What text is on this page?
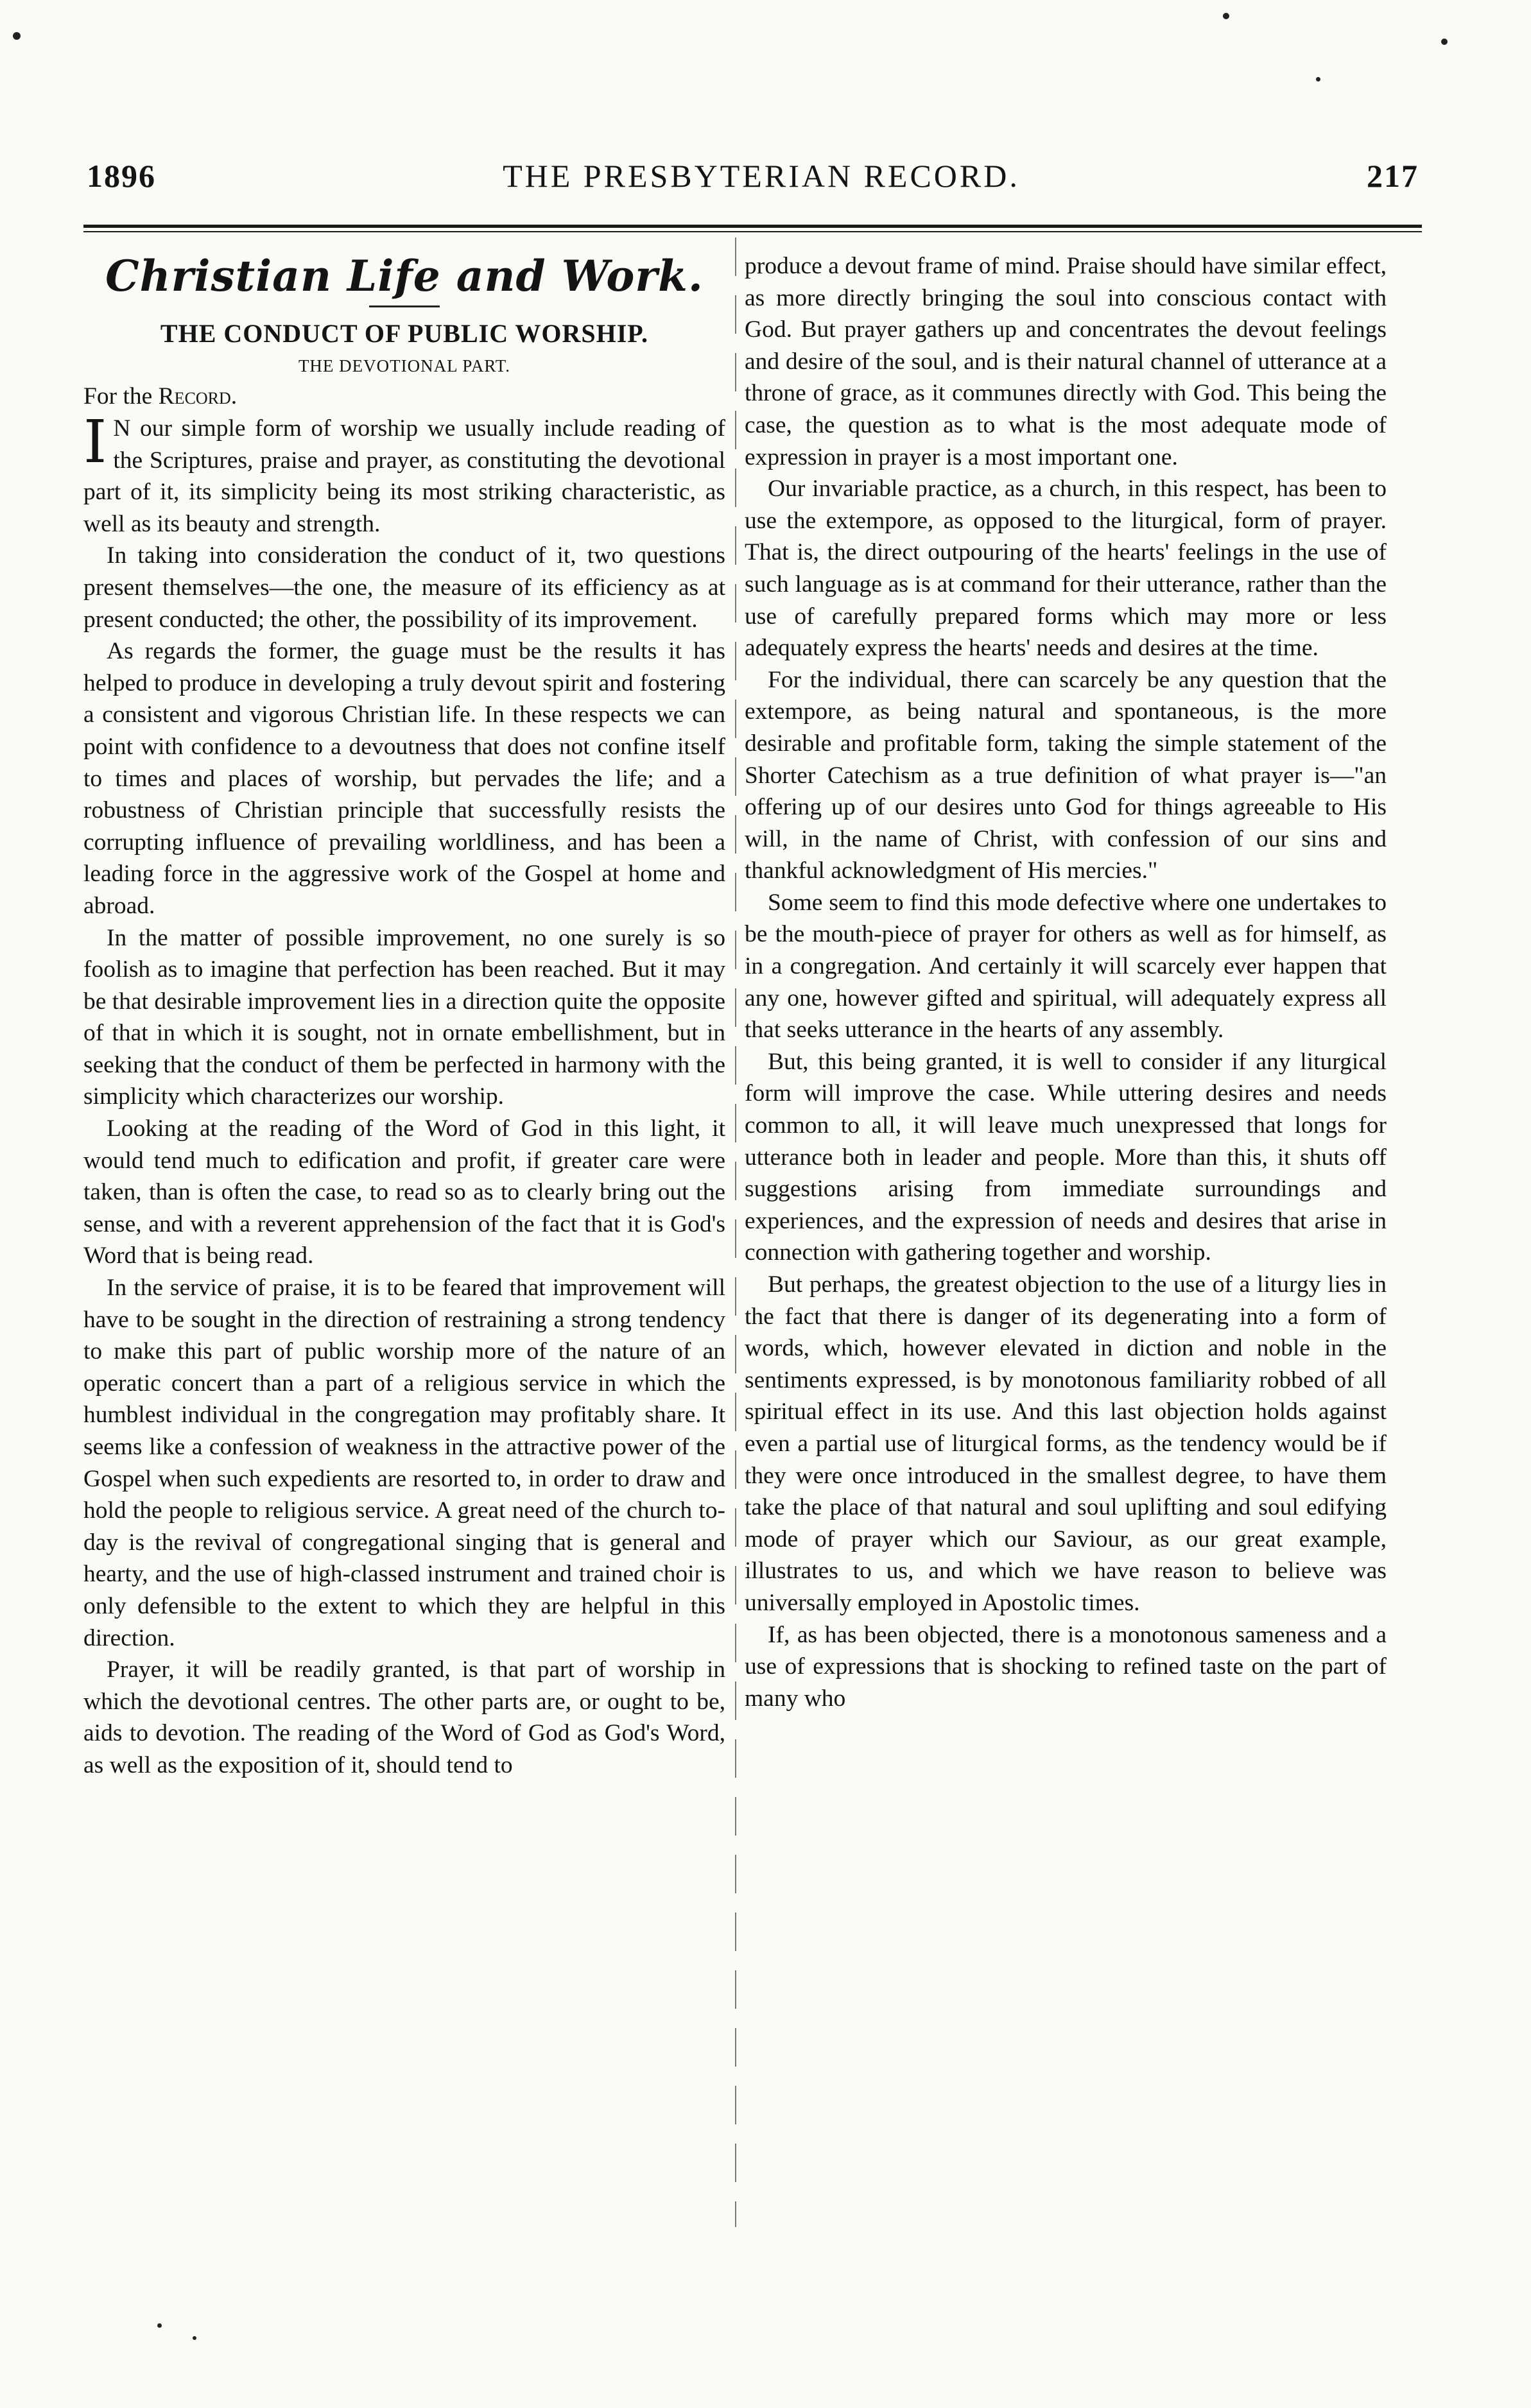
1896	THE PRESBYTERIAN RECORD.	217
Christian Life and Work.
THE CONDUCT OF PUBLIC WORSHIP.
THE DEVOTIONAL PART.
For the Record.

I N our simple form of worship we usually include reading of the Scriptures, praise and prayer, as constituting the devotional part of it, its simplicity being its most striking characteristic, as well as its beauty and strength.

In taking into consideration the conduct of it, two questions present themselves—the one, the measure of its efficiency as at present conducted; the other, the possibility of its improvement.

As regards the former, the guage must be the results it has helped to produce in developing a truly devout spirit and fostering a consistent and vigorous Christian life. In these respects we can point with confidence to a devoutness that does not confine itself to times and places of worship, but pervades the life; and a robustness of Christian principle that successfully resists the corrupting influence of prevailing worldliness, and has been a leading force in the aggressive work of the Gospel at home and abroad.

In the matter of possible improvement, no one surely is so foolish as to imagine that perfection has been reached. But it may be that desirable improvement lies in a direction quite the opposite of that in which it is sought, not in ornate embellishment, but in seeking that the conduct of them be perfected in harmony with the simplicity which characterizes our worship.

Looking at the reading of the Word of God in this light, it would tend much to edification and profit, if greater care were taken, than is often the case, to read so as to clearly bring out the sense, and with a reverent apprehension of the fact that it is God's Word that is being read.

In the service of praise, it is to be feared that improvement will have to be sought in the direction of restraining a strong tendency to make this part of public worship more of the nature of an operatic concert than a part of a religious service in which the humblest individual in the congregation may profitably share. It seems like a confession of weakness in the attractive power of the Gospel when such expedients are resorted to, in order to draw and hold the people to religious service. A great need of the church to-day is the revival of congregational singing that is general and hearty, and the use of high-classed instrument and trained choir is only defensible to the extent to which they are helpful in this direction.

Prayer, it will be readily granted, is that part of worship in which the devotional centres. The other parts are, or ought to be, aids to devotion. The reading of the Word of God as God's Word, as well as the exposition of it, should tend to

produce a devout frame of mind. Praise should have similar effect, as more directly bringing the soul into conscious contact with God. But prayer gathers up and concentrates the devout feelings and desire of the soul, and is their natural channel of utterance at a throne of grace, as it communes directly with God. This being the case, the question as to what is the most adequate mode of expression in prayer is a most important one.

Our invariable practice, as a church, in this respect, has been to use the extempore, as opposed to the liturgical, form of prayer. That is, the direct outpouring of the hearts' feelings in the use of such language as is at command for their utterance, rather than the use of carefully prepared forms which may more or less adequately express the hearts' needs and desires at the time.

For the individual, there can scarcely be any question that the extempore, as being natural and spontaneous, is the more desirable and profitable form, taking the simple statement of the Shorter Catechism as a true definition of what prayer is—"an offering up of our desires unto God for things agreeable to His will, in the name of Christ, with confession of our sins and thankful acknowledgment of His mercies."

Some seem to find this mode defective where one undertakes to be the mouth-piece of prayer for others as well as for himself, as in a congregation. And certainly it will scarcely ever happen that any one, however gifted and spiritual, will adequately express all that seeks utterance in the hearts of any assembly.

But, this being granted, it is well to consider if any liturgical form will improve the case. While uttering desires and needs common to all, it will leave much unexpressed that longs for utterance both in leader and people. More than this, it shuts off suggestions arising from immediate surroundings and experiences, and the expression of needs and desires that arise in connection with gathering together and worship.

But perhaps, the greatest objection to the use of a liturgy lies in the fact that there is danger of its degenerating into a form of words, which, however elevated in diction and noble in the sentiments expressed, is by monotonous familiarity robbed of all spiritual effect in its use. And this last objection holds against even a partial use of liturgical forms, as the tendency would be if they were once introduced in the smallest degree, to have them take the place of that natural and soul uplifting and soul edifying mode of prayer which our Saviour, as our great example, illustrates to us, and which we have reason to believe was universally employed in Apostolic times.

If, as has been objected, there is a monotonous sameness and a use of expressions that is shocking to refined taste on the part of many who
